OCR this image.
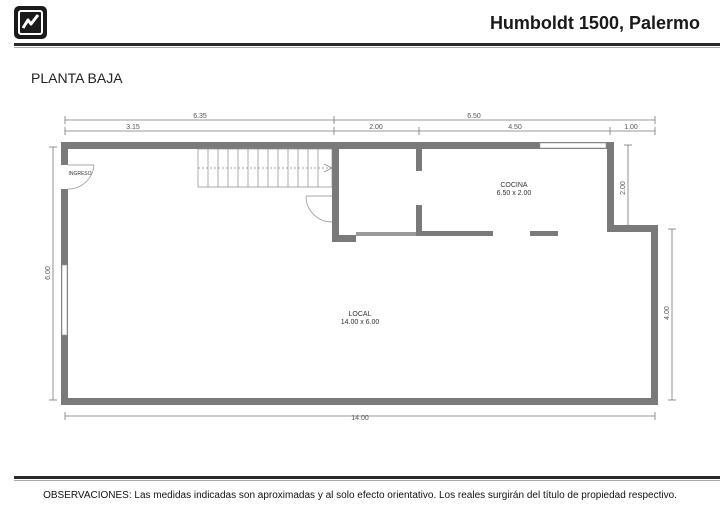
Humboldt 1500, Palermo
PLANTA BAJA
6.35	6.50
3.15	2.00	4.50	1.00
6.00
2.00
4.00
14.00
INGRESO
COCINA
6.50 x 2.00
LOCAL
14.00 x 6.00
OBSERVACIONES: Las medidas indicadas son aproximadas y al solo efecto orientativo. Los reales surgirán del título de propiedad respectivo.
